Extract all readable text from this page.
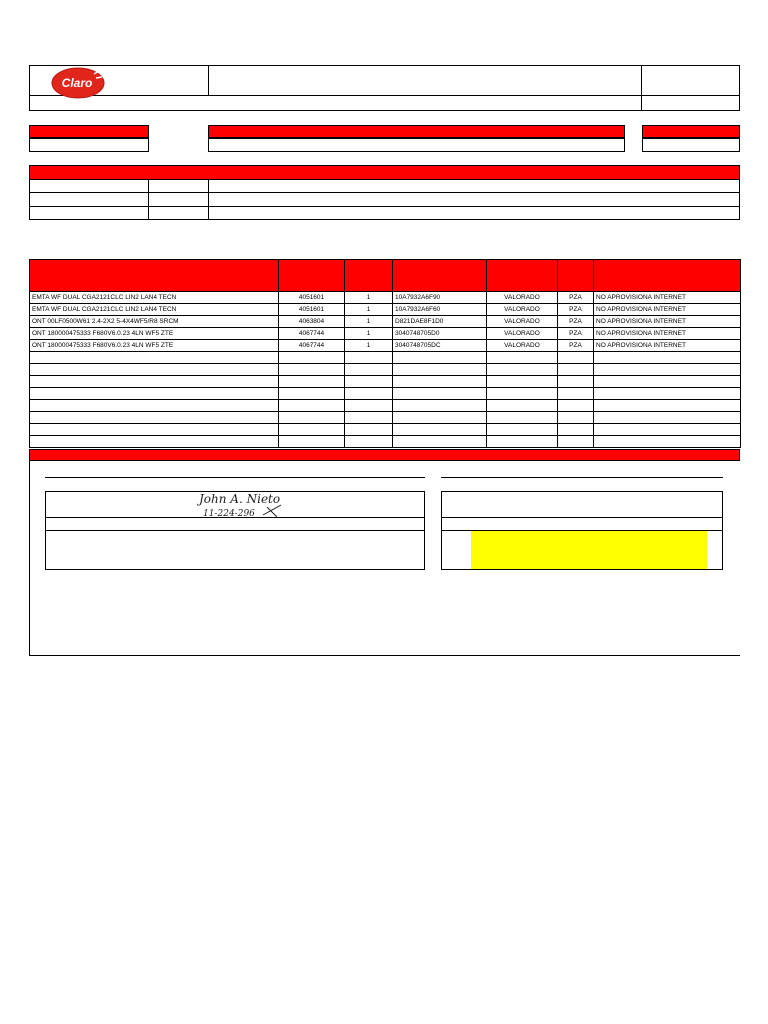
Claro

EMTA WF DUAL CGA2121CLC LIN2 LAN4 TECN	4051601	1	10A7932A6F90	VALORADO	PZA	NO APROVISIONA INTERNET
EMTA WF DUAL CGA2121CLC LIN2 LAN4 TECN	4051601	1	10A7932A6F60	VALORADO	PZA	NO APROVISIONA INTERNET
ONT 00LF0500W61 2.4-2X2 5-4X4WF5/R8 SRCM	4063804	1	D821DAE8F1D0	VALORADO	PZA	NO APROVISIONA INTERNET
ONT 180000475333 F680V6.0.23 4LN WF5 ZTE	4067744	1	3040748705D0	VALORADO	PZA	NO APROVISIONA INTERNET
ONT 180000475333 F680V6.0.23 4LN WF5 ZTE	4067744	1	3040748705DC	VALORADO	PZA	NO APROVISIONA INTERNET

John A. Nieto
11-224-296
